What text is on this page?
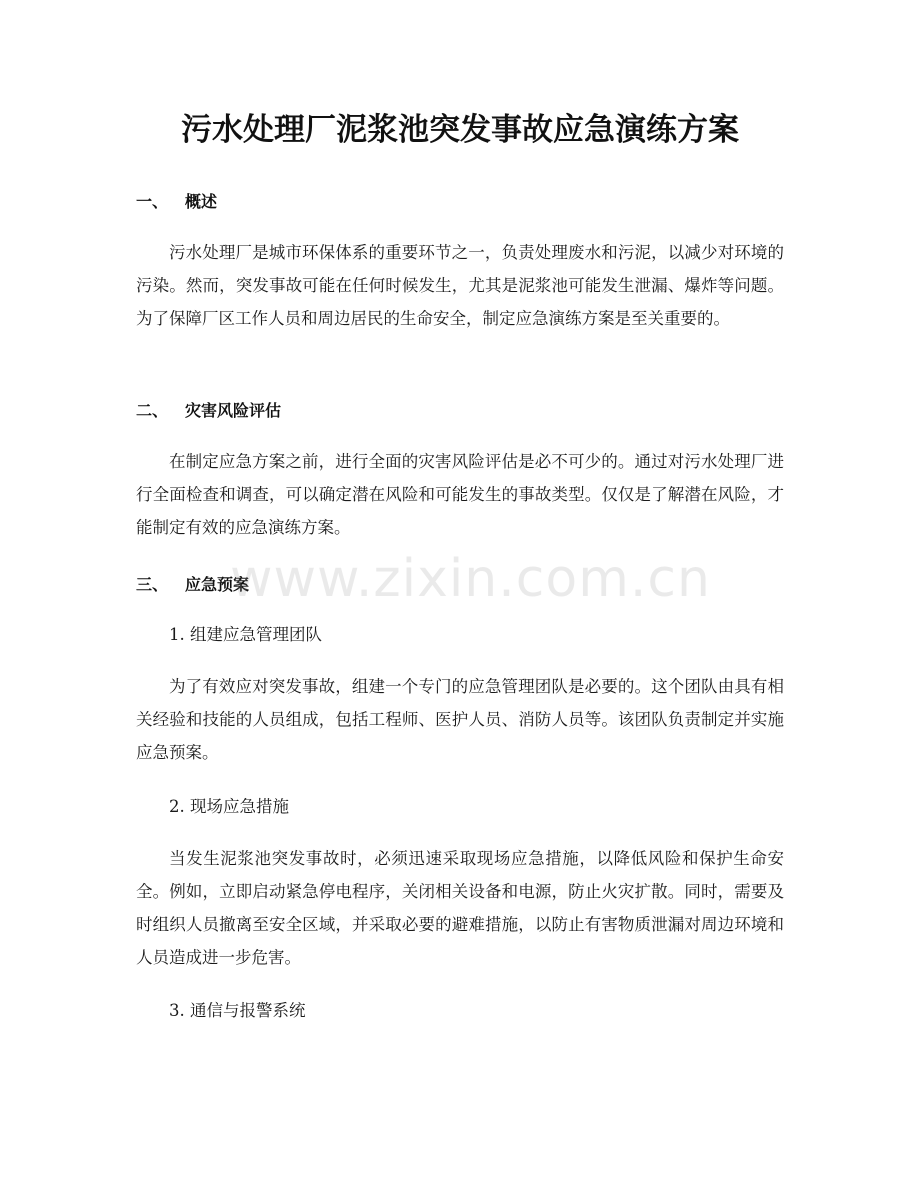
污水处理厂泥浆池突发事故应急演练方案
一、 概述

污水处理厂是城市环保体系的重要环节之一，负责处理废水和污泥，以减少对环境的污染。然而，突发事故可能在任何时候发生，尤其是泥浆池可能发生泄漏、爆炸等问题。为了保障厂区工作人员和周边居民的生命安全，制定应急演练方案是至关重要的。

二、 灾害风险评估

在制定应急方案之前，进行全面的灾害风险评估是必不可少的。通过对污水处理厂进行全面检查和调查，可以确定潜在风险和可能发生的事故类型。仅仅是了解潜在风险，才能制定有效的应急演练方案。

三、 应急预案

1. 组建应急管理团队

为了有效应对突发事故，组建一个专门的应急管理团队是必要的。这个团队由具有相关经验和技能的人员组成，包括工程师、医护人员、消防人员等。该团队负责制定并实施应急预案。

2. 现场应急措施

当发生泥浆池突发事故时，必须迅速采取现场应急措施，以降低风险和保护生命安全。例如，立即启动紧急停电程序，关闭相关设备和电源，防止火灾扩散。同时，需要及时组织人员撤离至安全区域，并采取必要的避难措施，以防止有害物质泄漏对周边环境和人员造成进一步危害。

3. 通信与报警系统

www.zixin.com.cn
